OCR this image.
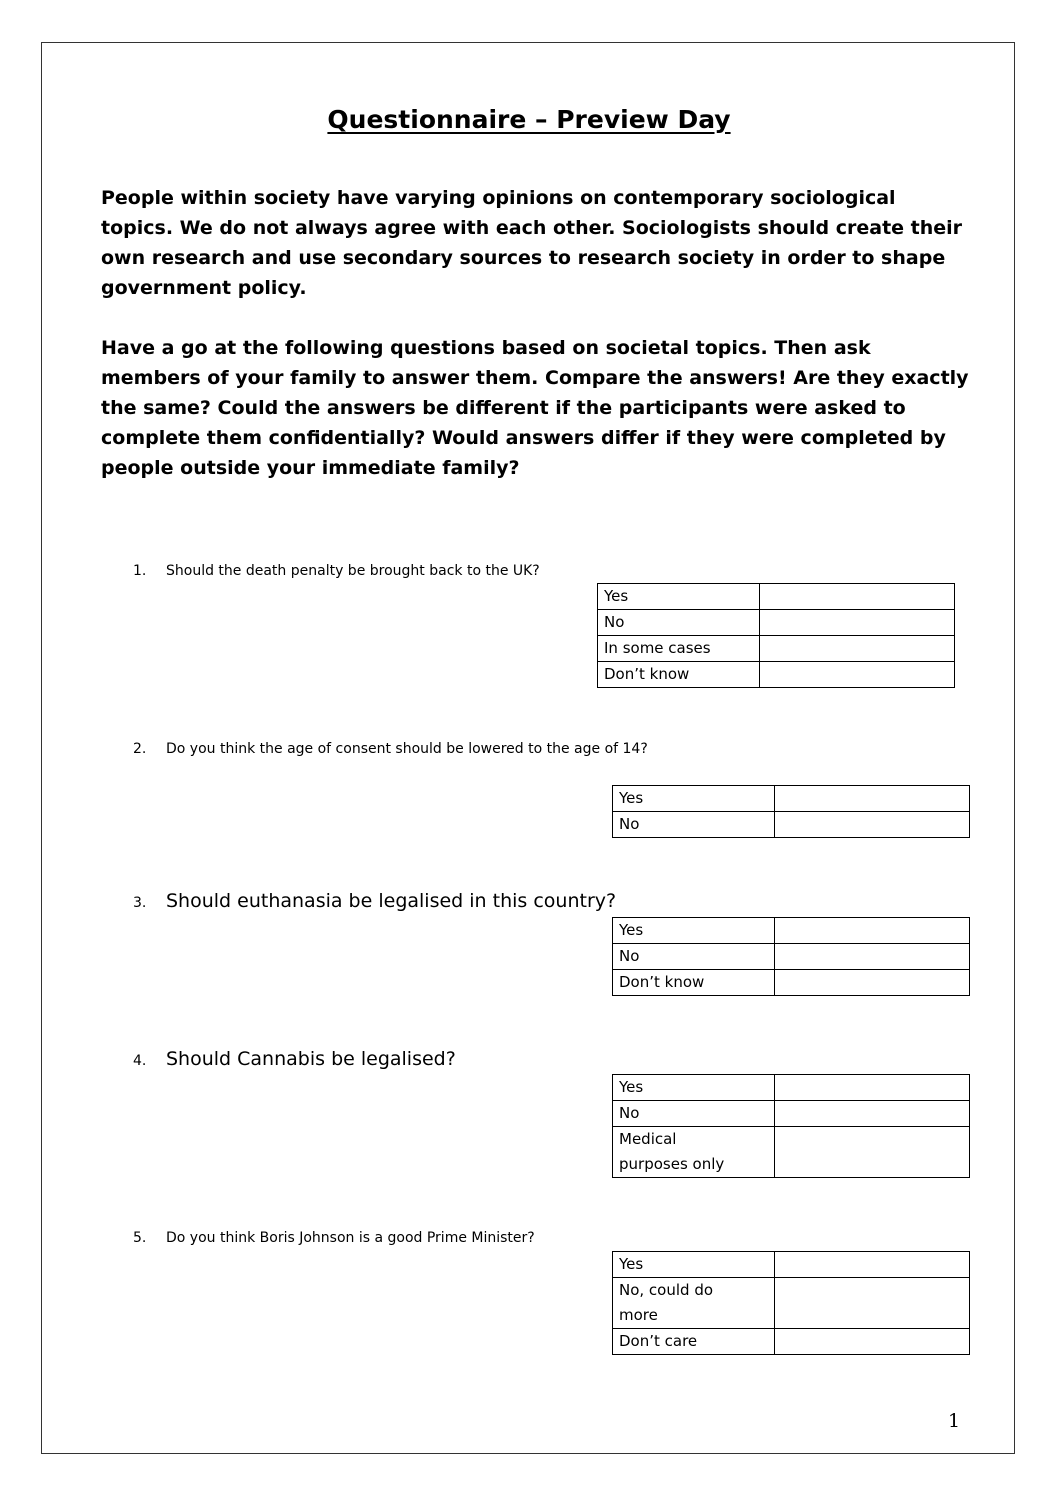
Questionnaire – Preview Day

People within society have varying opinions on contemporary sociological topics. We do not always agree with each other. Sociologists should create their own research and use secondary sources to research society in order to shape government policy.

Have a go at the following questions based on societal topics. Then ask members of your family to answer them. Compare the answers! Are they exactly the same? Could the answers be different if the participants were asked to complete them confidentially? Would answers differ if they were completed by people outside your immediate family?

1. Should the death penalty be brought back to the UK?

Yes	
No	
In some cases	
Don’t know	

2. Do you think the age of consent should be lowered to the age of 14?

Yes	
No	

3. Should euthanasia be legalised in this country?

Yes	
No	
Don’t know	

4. Should Cannabis be legalised?

Yes	
No	
Medical purposes only	

5. Do you think Boris Johnson is a good Prime Minister?

Yes	
No, could do more	
Don’t care	
1
